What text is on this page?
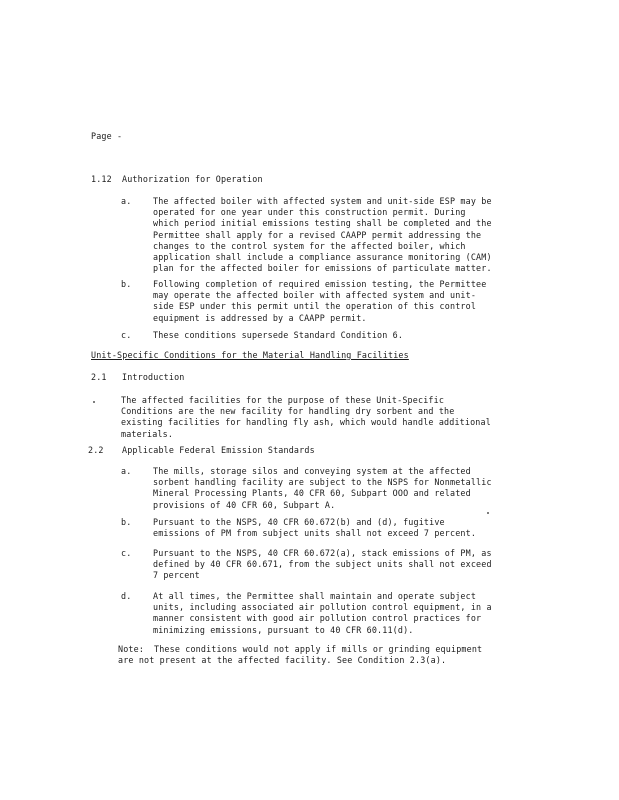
Page -
1.12 Authorization for Operation
a.	The affected boiler with affected system and unit-side ESP may be
operated for one year under this construction permit. During
which period initial emissions testing shall be completed and the
Permittee shall apply for a revised CAAPP permit addressing the
changes to the control system for the affected boiler, which
application shall include a compliance assurance monitoring (CAM)
plan for the affected boiler for emissions of particulate matter.
b.	Following completion of required emission testing, the Permittee
may operate the affected boiler with affected system and unit-
side ESP under this permit until the operation of this control
equipment is addressed by a CAAPP permit.
c.	These conditions supersede Standard Condition 6.
Unit-Specific Conditions for the Material Handling Facilities
2.1 Introduction
The affected facilities for the purpose of these Unit-Specific
Conditions are the new facility for handling dry sorbent and the
existing facilities for handling fly ash, which would handle additional
materials.
2.2 Applicable Federal Emission Standards
a.	The mills, storage silos and conveying system at the affected
sorbent handling facility are subject to the NSPS for Nonmetallic
Mineral Processing Plants, 40 CFR 60, Subpart OOO and related
provisions of 40 CFR 60, Subpart A.
b.	Pursuant to the NSPS, 40 CFR 60.672(b) and (d), fugitive
emissions of PM from subject units shall not exceed 7 percent.
c.	Pursuant to the NSPS, 40 CFR 60.672(a), stack emissions of PM, as
defined by 40 CFR 60.671, from the subject units shall not exceed
7 percent
d.	At all times, the Permittee shall maintain and operate subject
units, including associated air pollution control equipment, in a
manner consistent with good air pollution control practices for
minimizing emissions, pursuant to 40 CFR 60.11(d).
Note:	These conditions would not apply if mills or grinding equipment
are not present at the affected facility. See Condition 2.3(a).
